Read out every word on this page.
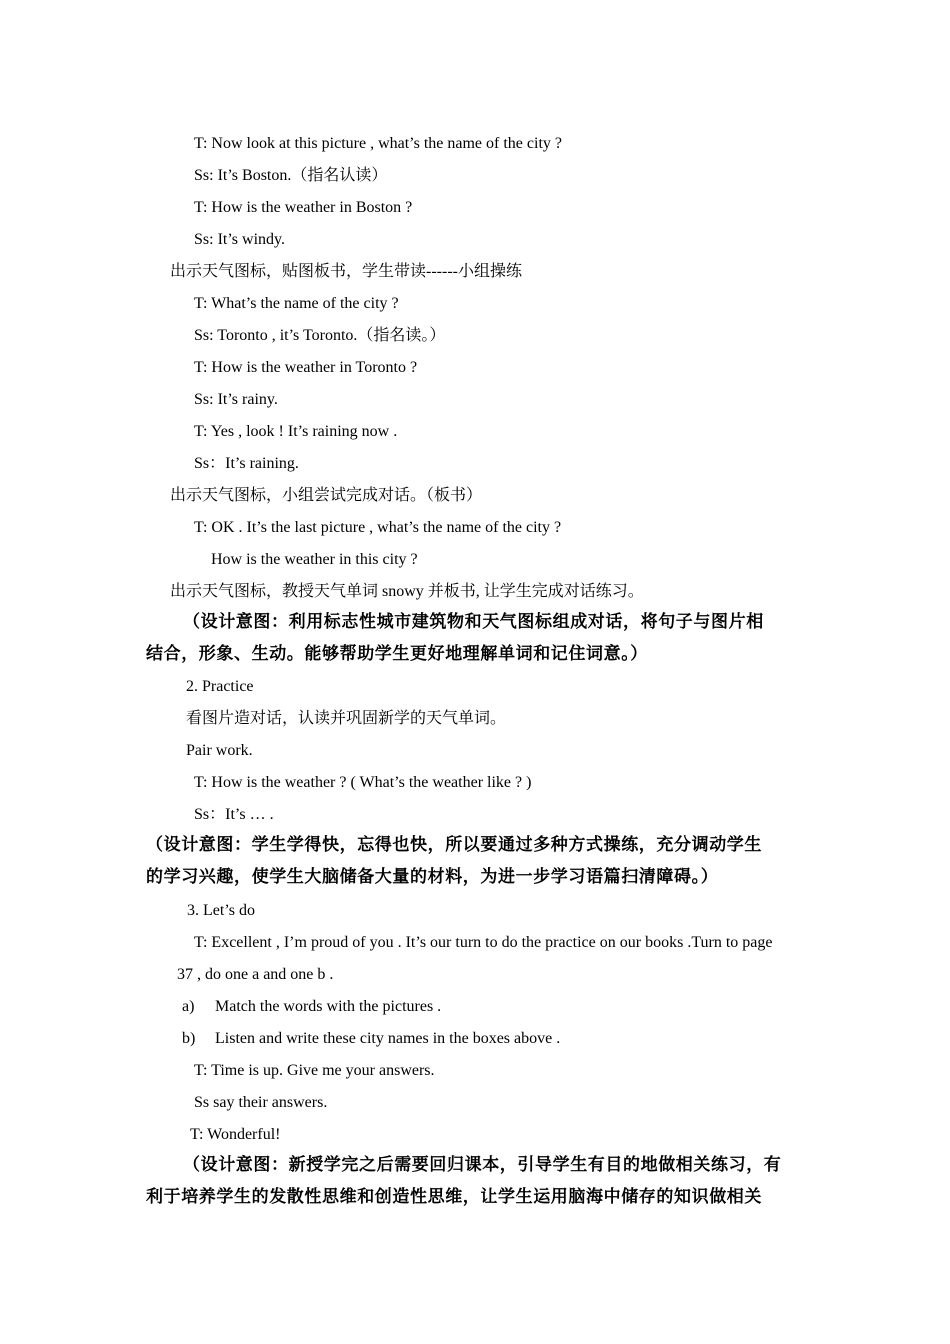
T: Now look at this picture , what’s the name of the city ?
Ss: It’s Boston.（指名认读）
T: How is the weather in Boston ?
Ss: It’s windy.
出示天气图标，贴图板书，学生带读------小组操练
T: What’s the name of the city ?
Ss: Toronto , it’s Toronto.（指名读。）
T: How is the weather in Toronto ?
Ss: It’s rainy.
T: Yes , look ! It’s raining now .
Ss：It’s raining.
出示天气图标，小组尝试完成对话。（板书）
T: OK . It’s the last picture , what’s the name of the city ?
How is the weather in this city ?
出示天气图标，教授天气单词 snowy 并板书, 让学生完成对话练习。
（设计意图：利用标志性城市建筑物和天气图标组成对话，将句子与图片相
结合，形象、生动。能够帮助学生更好地理解单词和记住词意。）
2. Practice
看图片造对话，认读并巩固新学的天气单词。
Pair work.
T: How is the weather ? ( What’s the weather like ? )
Ss：It’s … .
（设计意图：学生学得快，忘得也快，所以要通过多种方式操练，充分调动学生
的学习兴趣，使学生大脑储备大量的材料，为进一步学习语篇扫清障碍。）
3. Let’s do
T: Excellent , I’m proud of you . It’s our turn to do the practice on our books .Turn to page
37 , do one a and one b .
a) Match the words with the pictures .
b) Listen and write these city names in the boxes above .
T: Time is up. Give me your answers.
Ss say their answers.
T: Wonderful!
（设计意图：新授学完之后需要回归课本，引导学生有目的地做相关练习，有
利于培养学生的发散性思维和创造性思维，让学生运用脑海中储存的知识做相关
